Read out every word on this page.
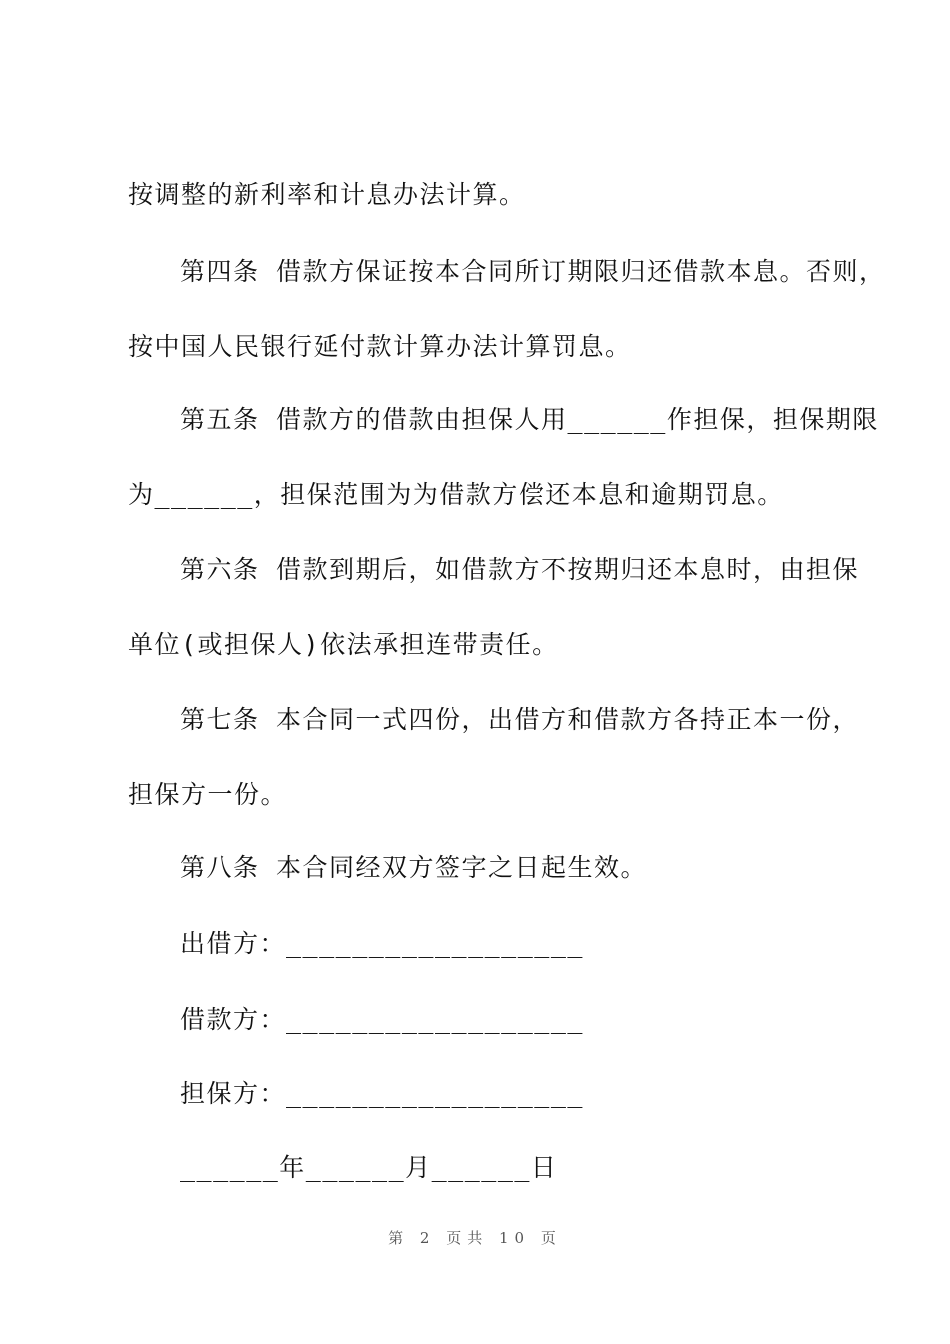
按调整的新利率和计息办法计算。
第四条 借款方保证按本合同所订期限归还借款本息。否则，
按中国人民银行延付款计算办法计算罚息。
第五条 借款方的借款由担保人用______作担保，担保期限
为______，担保范围为为借款方偿还本息和逾期罚息。
第六条 借款到期后，如借款方不按期归还本息时，由担保
单位(或担保人)依法承担连带责任。
第七条 本合同一式四份，出借方和借款方各持正本一份，
担保方一份。
第八条 本合同经双方签字之日起生效。
出借方：__________________
借款方：__________________
担保方：__________________
______年______月______日
第 2 页共 10 页
